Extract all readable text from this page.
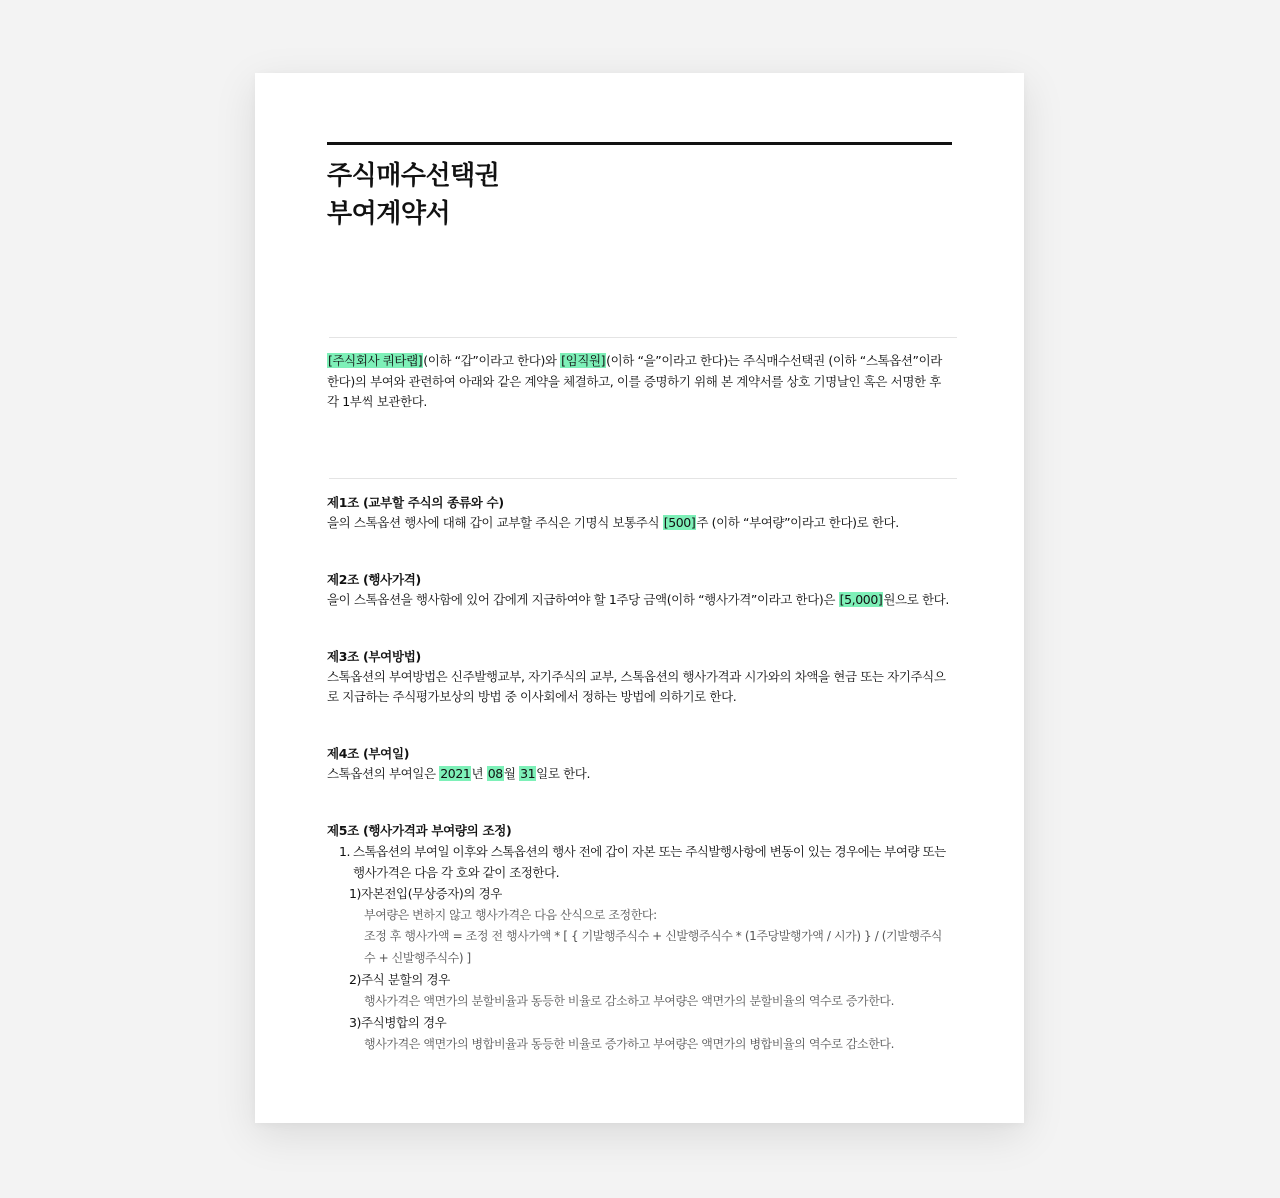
주식매수선택권
부여계약서

[주식회사 쿼타랩](이하 “갑”이라고 한다)와 [임직원](이하 “을”이라고 한다)는 주식매수선택권 (이하 “스톡옵션”이라 한다)의 부여와 관련하여 아래와 같은 계약을 체결하고, 이를 증명하기 위해 본 계약서를 상호 기명날인 혹은 서명한 후 각 1부씩 보관한다.

제1조 (교부할 주식의 종류와 수)

을의 스톡옵션 행사에 대해 갑이 교부할 주식은 기명식 보통주식 [500]주 (이하 “부여량”이라고 한다)로 한다.

제2조 (행사가격)

을이 스톡옵션을 행사함에 있어 갑에게 지급하여야 할 1주당 금액(이하 “행사가격”이라고 한다)은 [5,000]원으로 한다.

제3조 (부여방법)

스톡옵션의 부여방법은 신주발행교부, 자기주식의 교부, 스톡옵션의 행사가격과 시가와의 차액을 현금 또는 자기주식으로 지급하는 주식평가보상의 방법 중 이사회에서 정하는 방법에 의하기로 한다.

제4조 (부여일)

스톡옵션의 부여일은 2021년 08월 31일로 한다.

제5조 (행사가격과 부여량의 조정)
1. 스톡옵션의 부여일 이후와 스톡옵션의 행사 전에 갑이 자본 또는 주식발행사항에 변동이 있는 경우에는 부여량 또는 행사가격은 다음 각 호와 같이 조정한다.
1) 자본전입(무상증자)의 경우
부여량은 변하지 않고 행사가격은 다음 산식으로 조정한다:
조정 후 행사가액 = 조정 전 행사가액 * [ { 기발행주식수 + 신발행주식수 * (1주당발행가액 / 시가) } / (기발행주식수 + 신발행주식수) ]
2) 주식 분할의 경우
행사가격은 액면가의 분할비율과 동등한 비율로 감소하고 부여량은 액면가의 분할비율의 역수로 증가한다.
3) 주식병합의 경우
행사가격은 액면가의 병합비율과 동등한 비율로 증가하고 부여량은 액면가의 병합비율의 역수로 감소한다.
